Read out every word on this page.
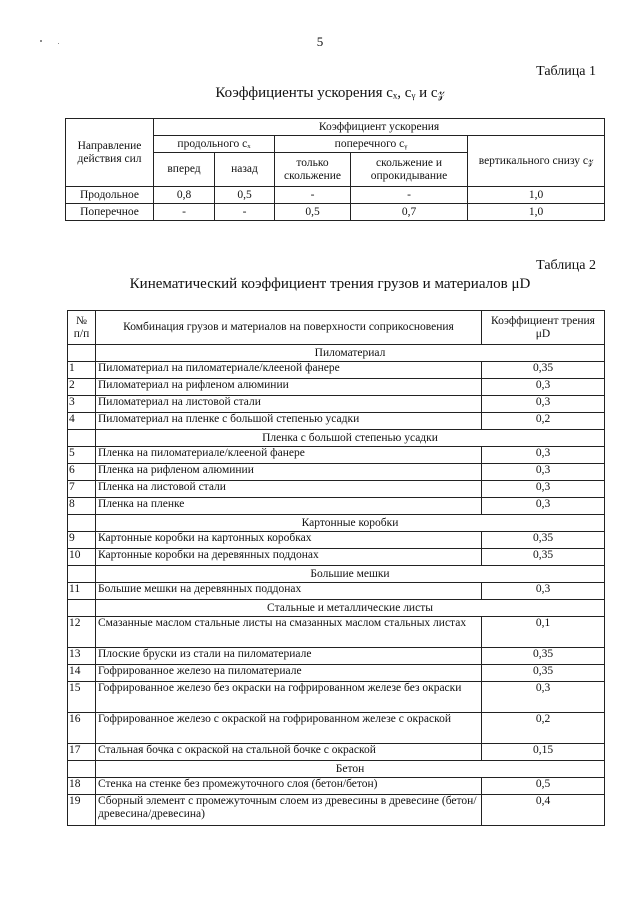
5
Таблица 1
Коэффициенты ускорения cₓ, cᵧ и c𝓏
Направление действия сил	Коэффициент ускорения				
	продольного cₓ		поперечного cᵧ		вертикального снизу c𝓏
	вперед	назад	только скольжение	скольжение и опрокидывание	
Продольное	0,8	0,5	-	-	1,0
Поперечное	-	-	0,5	0,7	1,0
Таблица 2
Кинематический коэффициент трения грузов и материалов μD
№ п/п	Комбинация грузов и материалов на поверхности соприкосновения	Коэффициент трения μD
	Пиломатериал	
1	Пиломатериал на пиломатериале/клееной фанере	0,35
2	Пиломатериал на рифленом алюминии	0,3
3	Пиломатериал на листовой стали	0,3
4	Пиломатериал на пленке с большой степенью усадки	0,2
	Пленка с большой степенью усадки	
5	Пленка на пиломатериале/клееной фанере	0,3
6	Пленка на рифленом алюминии	0,3
7	Пленка на листовой стали	0,3
8	Пленка на пленке	0,3
	Картонные коробки	
9	Картонные коробки на картонных коробках	0,35
10	Картонные коробки на деревянных поддонах	0,35
	Большие мешки	
11	Большие мешки на деревянных поддонах	0,3
	Стальные и металлические листы	
12	Смазанные маслом стальные листы на смазанных маслом стальных листах	0,1
13	Плоские бруски из стали на пиломатериале	0,35
14	Гофрированное железо на пиломатериале	0,35
15	Гофрированное железо без окраски на гофрированном железе без окраски	0,3
16	Гофрированное железо с окраской на гофрированном железе с окраской	0,2
17	Стальная бочка с окраской на стальной бочке с окраской	0,15
	Бетон	
18	Стенка на стенке без промежуточного слоя (бетон/бетон)	0,5
19	Сборный элемент с промежуточным слоем из древесины в древесине (бетон/древесина/древесина)	0,4
